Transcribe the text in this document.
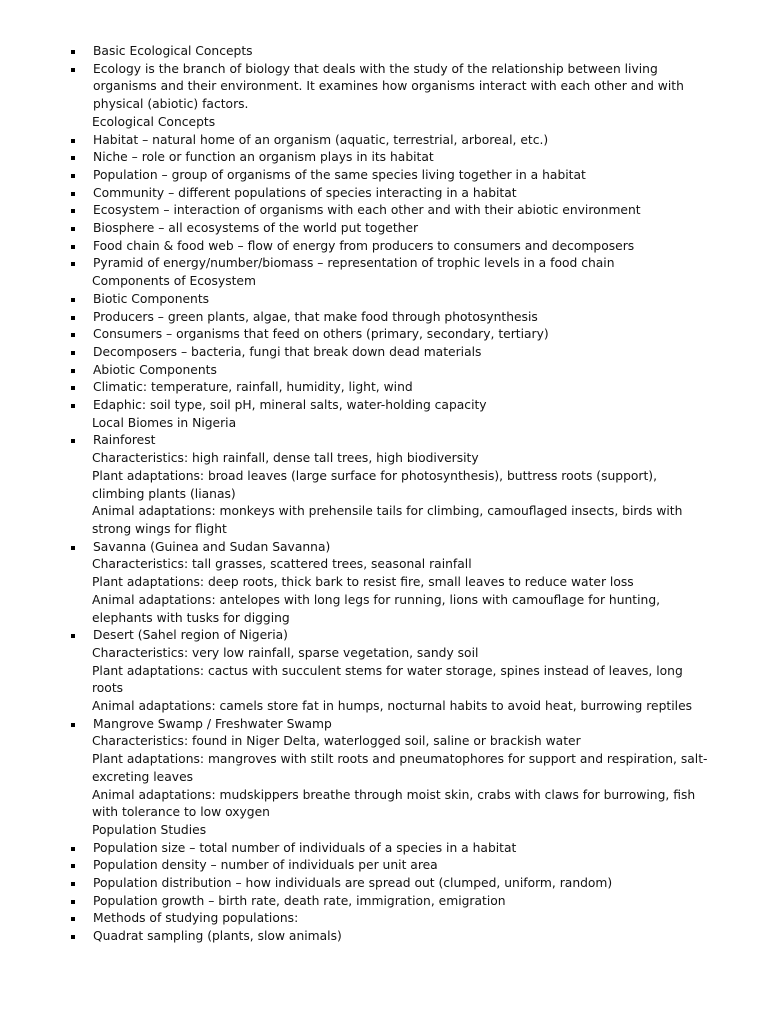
Basic Ecological Concepts
Ecology is the branch of biology that deals with the study of the relationship between living organisms and their environment. It examines how organisms interact with each other and with physical (abiotic) factors.
Ecological Concepts
Habitat – natural home of an organism (aquatic, terrestrial, arboreal, etc.)
Niche – role or function an organism plays in its habitat
Population – group of organisms of the same species living together in a habitat
Community – different populations of species interacting in a habitat
Ecosystem – interaction of organisms with each other and with their abiotic environment
Biosphere – all ecosystems of the world put together
Food chain & food web – flow of energy from producers to consumers and decomposers
Pyramid of energy/number/biomass – representation of trophic levels in a food chain
Components of Ecosystem
Biotic Components
Producers – green plants, algae, that make food through photosynthesis
Consumers – organisms that feed on others (primary, secondary, tertiary)
Decomposers – bacteria, fungi that break down dead materials
Abiotic Components
Climatic: temperature, rainfall, humidity, light, wind
Edaphic: soil type, soil pH, mineral salts, water-holding capacity
Local Biomes in Nigeria
Rainforest
Characteristics: high rainfall, dense tall trees, high biodiversity
Plant adaptations: broad leaves (large surface for photosynthesis), buttress roots (support), climbing plants (lianas)
Animal adaptations: monkeys with prehensile tails for climbing, camouflaged insects, birds with strong wings for flight
Savanna (Guinea and Sudan Savanna)
Characteristics: tall grasses, scattered trees, seasonal rainfall
Plant adaptations: deep roots, thick bark to resist fire, small leaves to reduce water loss
Animal adaptations: antelopes with long legs for running, lions with camouflage for hunting, elephants with tusks for digging
Desert (Sahel region of Nigeria)
Characteristics: very low rainfall, sparse vegetation, sandy soil
Plant adaptations: cactus with succulent stems for water storage, spines instead of leaves, long roots
Animal adaptations: camels store fat in humps, nocturnal habits to avoid heat, burrowing reptiles
Mangrove Swamp / Freshwater Swamp
Characteristics: found in Niger Delta, waterlogged soil, saline or brackish water
Plant adaptations: mangroves with stilt roots and pneumatophores for support and respiration, salt-excreting leaves
Animal adaptations: mudskippers breathe through moist skin, crabs with claws for burrowing, fish with tolerance to low oxygen
Population Studies
Population size – total number of individuals of a species in a habitat
Population density – number of individuals per unit area
Population distribution – how individuals are spread out (clumped, uniform, random)
Population growth – birth rate, death rate, immigration, emigration
Methods of studying populations:
Quadrat sampling (plants, slow animals)
